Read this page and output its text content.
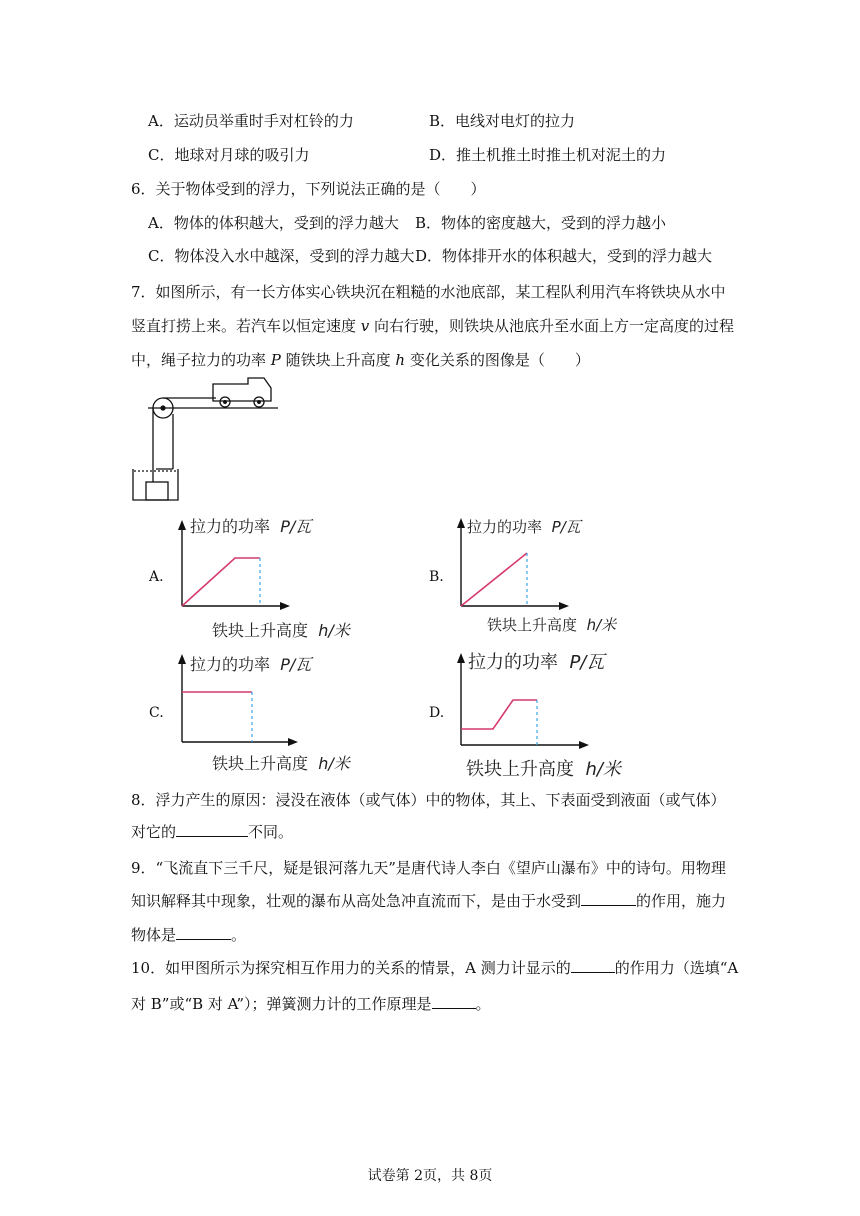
A．运动员举重时手对杠铃的力	B．电线对电灯的拉力
C．地球对月球的吸引力	D．推土机推土时推土机对泥土的力
6．关于物体受到的浮力，下列说法正确的是（　　）
A．物体的体积越大，受到的浮力越大 B．物体的密度越大，受到的浮力越小
C．物体没入水中越深，受到的浮力越大 D．物体排开水的体积越大，受到的浮力越大
7．如图所示，有一长方体实心铁块沉在粗糙的水池底部，某工程队利用汽车将铁块从水中
竖直打捞上来。若汽车以恒定速度 v 向右行驶，则铁块从池底升至水面上方一定高度的过程
中，绳子拉力的功率 P 随铁块上升高度 h 变化关系的图像是（　　）
A.
拉力的功率 P/瓦
铁块上升高度 h/米
B.
拉力的功率 P/瓦
铁块上升高度 h/米
C.
拉力的功率 P/瓦
铁块上升高度 h/米
D.
拉力的功率 P/瓦
铁块上升高度 h/米
8．浮力产生的原因：浸没在液体（或气体）中的物体，其上、下表面受到液面（或气体）
对它的	不同。
9．“飞流直下三千尺，疑是银河落九天”是唐代诗人李白《望庐山瀑布》中的诗句。用物理
知识解释其中现象，壮观的瀑布从高处急冲直流而下，是由于水受到	的作用，施力
物体是	。
10．如甲图所示为探究相互作用力的关系的情景，A 测力计显示的	的作用力（选填“A
对 B”或“B 对 A”）；弹簧测力计的工作原理是	。
试卷第 2页，共 8页
